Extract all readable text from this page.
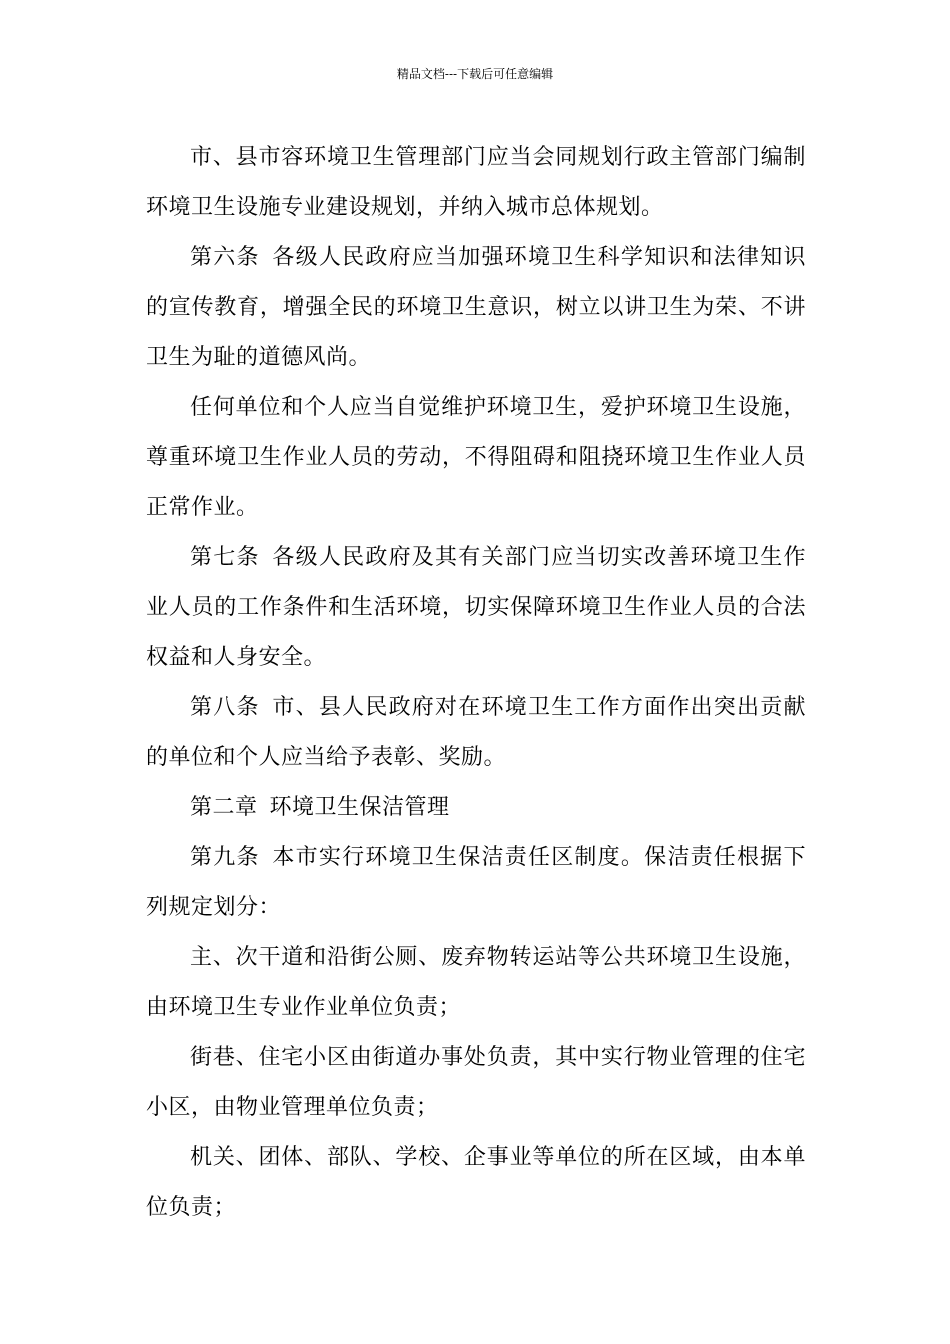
精品文档---下载后可任意编辑

市、县市容环境卫生管理部门应当会同规划行政主管部门编制环境卫生设施专业建设规划，并纳入城市总体规划。

第六条 各级人民政府应当加强环境卫生科学知识和法律知识的宣传教育，增强全民的环境卫生意识，树立以讲卫生为荣、不讲卫生为耻的道德风尚。

任何单位和个人应当自觉维护环境卫生，爱护环境卫生设施，尊重环境卫生作业人员的劳动，不得阻碍和阻挠环境卫生作业人员正常作业。

第七条 各级人民政府及其有关部门应当切实改善环境卫生作业人员的工作条件和生活环境，切实保障环境卫生作业人员的合法权益和人身安全。

第八条 市、县人民政府对在环境卫生工作方面作出突出贡献的单位和个人应当给予表彰、奖励。

第二章 环境卫生保洁管理

第九条 本市实行环境卫生保洁责任区制度。保洁责任根据下列规定划分：

主、次干道和沿街公厕、废弃物转运站等公共环境卫生设施，由环境卫生专业作业单位负责；

街巷、住宅小区由街道办事处负责，其中实行物业管理的住宅小区，由物业管理单位负责；

机关、团体、部队、学校、企事业等单位的所在区域，由本单位负责；
